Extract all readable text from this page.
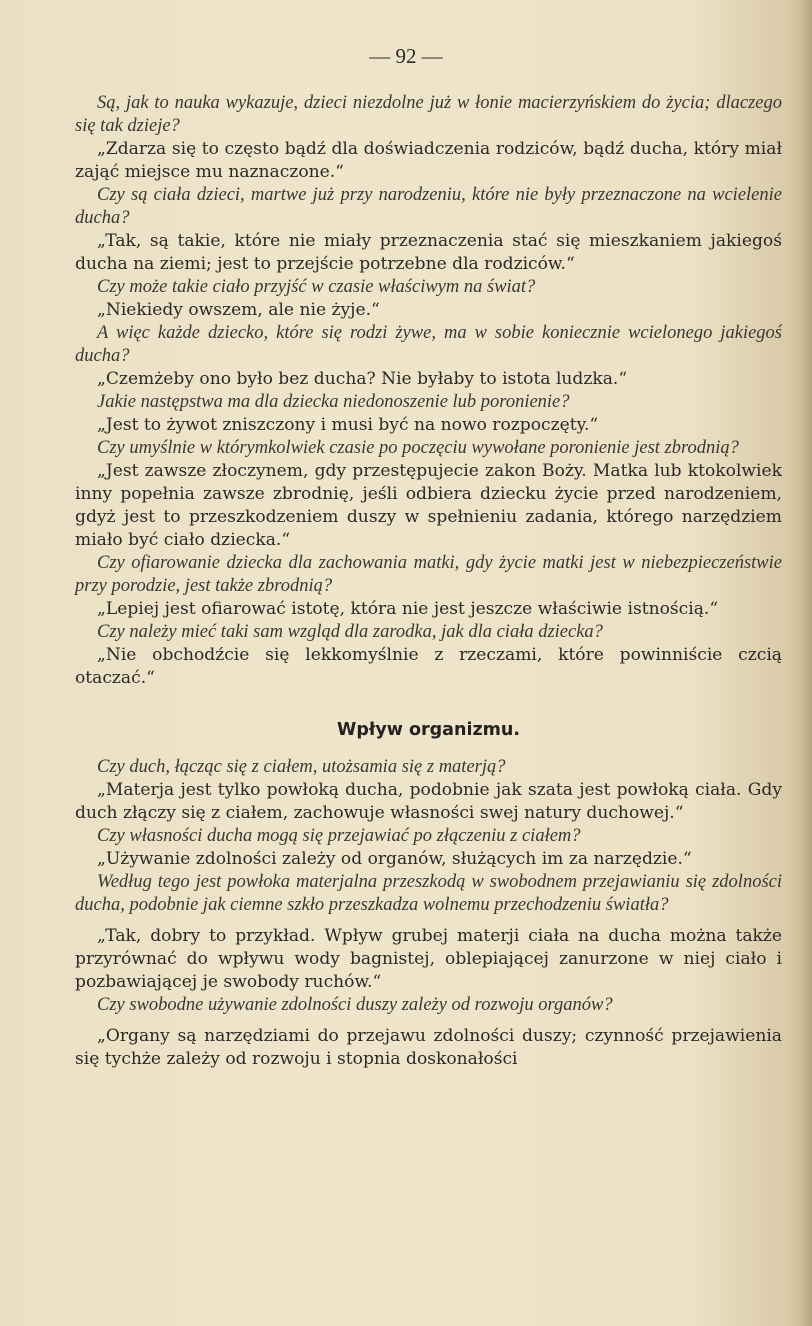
— 92 —

Są, jak to nauka wykazuje, dzieci niezdolne już w łonie macierzyńskiem do życia; dlaczego się tak dzieje?

„Zdarza się to często bądź dla doświadczenia rodziców, bądź ducha, który miał zająć miejsce mu naznaczone.“

Czy są ciała dzieci, martwe już przy narodzeniu, które nie były przeznaczone na wcielenie ducha?

„Tak, są takie, które nie miały przeznaczenia stać się mieszkaniem jakiegoś ducha na ziemi; jest to przejście potrzebne dla rodziców.“

Czy może takie ciało przyjść w czasie właściwym na świat?

„Niekiedy owszem, ale nie żyje.“

A więc każde dziecko, które się rodzi żywe, ma w sobie koniecznie wcielonego jakiegoś ducha?

„Czemżeby ono było bez ducha? Nie byłaby to istota ludzka.“

Jakie następstwa ma dla dziecka niedonoszenie lub poronienie?

„Jest to żywot zniszczony i musi być na nowo rozpoczęty.“

Czy umyślnie w którymkolwiek czasie po poczęciu wywołane poronienie jest zbrodnią?

„Jest zawsze złoczynem, gdy przestępujecie zakon Boży. Matka lub ktokolwiek inny popełnia zawsze zbrodnię, jeśli odbiera dziecku życie przed narodzeniem, gdyż jest to przeszkodzeniem duszy w spełnieniu zadania, którego narzędziem miało być ciało dziecka.“

Czy ofiarowanie dziecka dla zachowania matki, gdy życie matki jest w niebezpieczeństwie przy porodzie, jest także zbrodnią?

„Lepiej jest ofiarować istotę, która nie jest jeszcze właściwie istnością.“

Czy należy mieć taki sam wzgląd dla zarodka, jak dla ciała dziecka?

„Nie obchodźcie się lekkomyślnie z rzeczami, które powinniście czcią otaczać.“

Wpływ organizmu.

Czy duch, łącząc się z ciałem, utożsamia się z materją?

„Materja jest tylko powłoką ducha, podobnie jak szata jest powłoką ciała. Gdy duch złączy się z ciałem, zachowuje własności swej natury duchowej.“

Czy własności ducha mogą się przejawiać po złączeniu z ciałem?

„Używanie zdolności zależy od organów, służących im za narzędzie.“

Według tego jest powłoka materjalna przeszkodą w swobodnem przejawianiu się zdolności ducha, podobnie jak ciemne szkło przeszkadza wolnemu przechodzeniu światła?

„Tak, dobry to przykład. Wpływ grubej materji ciała na ducha można także przyrównać do wpływu wody bagnistej, oblepiającej zanurzone w niej ciało i pozbawiającej je swobody ruchów.“

Czy swobodne używanie zdolności duszy zależy od rozwoju organów?

„Organy są narzędziami do przejawu zdolności duszy; czynność przejawienia się tychże zależy od rozwoju i stopnia doskonałości
